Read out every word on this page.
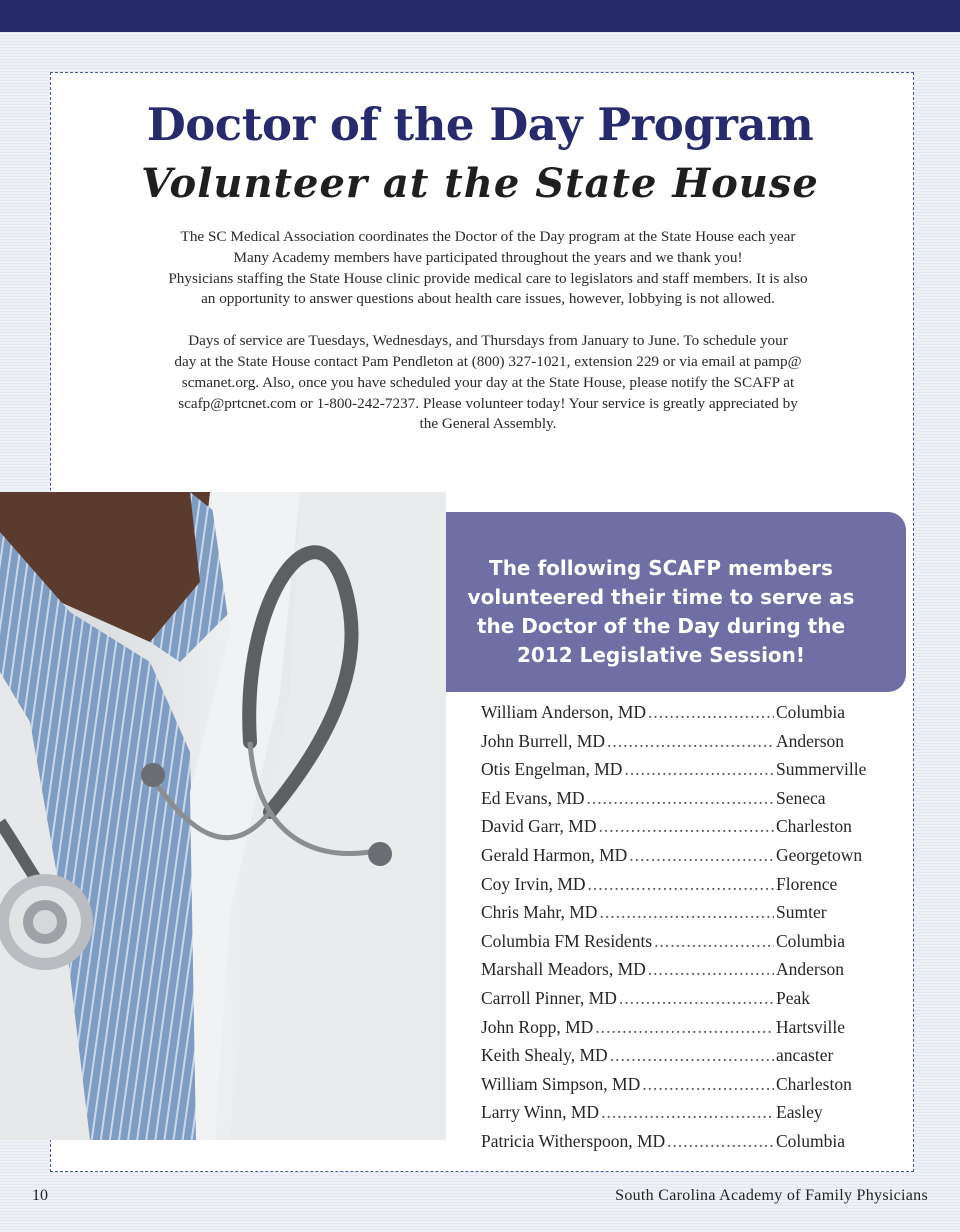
Doctor of the Day Program
Volunteer at the State House
The SC Medical Association coordinates the Doctor of the Day program at the State House each year
Many Academy members have participated throughout the years and we thank you!
Physicians staffing the State House clinic provide medical care to legislators and staff members. It is also
an opportunity to answer questions about health care issues, however, lobbying is not allowed.
Days of service are Tuesdays, Wednesdays, and Thursdays from January to June. To schedule your
day at the State House contact Pam Pendleton at (800) 327-1021, extension 229 or via email at pamp@
scmanet.org. Also, once you have scheduled your day at the State House, please notify the SCAFP at
scafp@prtcnet.com or 1-800-242-7237. Please volunteer today! Your service is greatly appreciated by
the General Assembly.

The following SCAFP members
volunteered their time to serve as
the Doctor of the Day during the
2012 Legislative Session!

William Anderson, MD .....	Columbia
John Burrell, MD .....	Anderson
Otis Engelman, MD .....	Summerville
Ed Evans, MD .....	Seneca
David Garr, MD .....	Charleston
Gerald Harmon, MD .....	Georgetown
Coy Irvin, MD .....	Florence
Chris Mahr, MD .....	Sumter
Columbia FM Residents .....	Columbia
Marshall Meadors, MD .....	Anderson
Carroll Pinner, MD .....	Peak
John Ropp, MD .....	Hartsville
Keith Shealy, MD .....	ancaster
William Simpson, MD .....	Charleston
Larry Winn, MD .....	Easley
Patricia Witherspoon, MD .....	Columbia
10	South Carolina Academy of Family Physicians
